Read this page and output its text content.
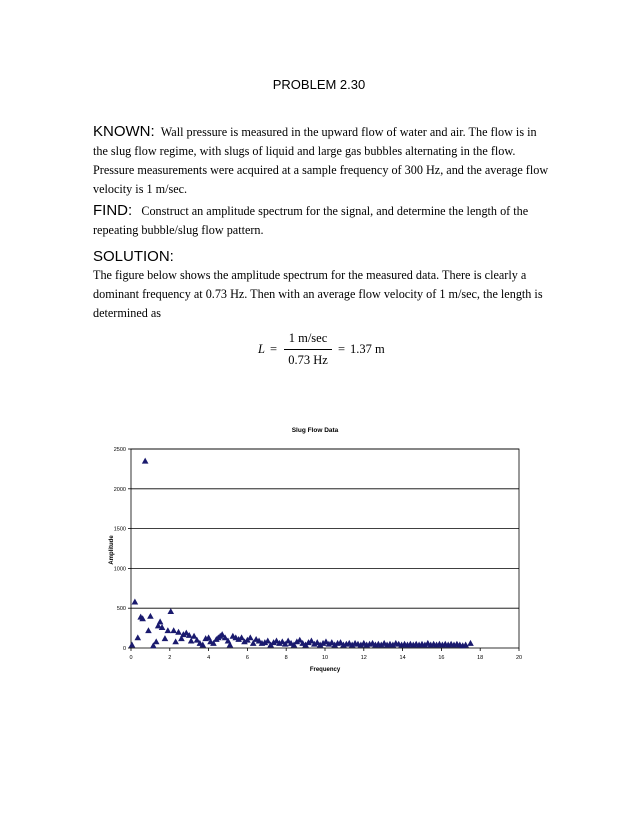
PROBLEM 2.30
KNOWN: Wall pressure is measured in the upward flow of water and air. The flow is in the slug flow regime, with slugs of liquid and large gas bubbles alternating in the flow. Pressure measurements were acquired at a sample frequency of 300 Hz, and the average flow velocity is 1 m/sec.
FIND: Construct an amplitude spectrum for the signal, and determine the length of the repeating bubble/slug flow pattern.
SOLUTION:
The figure below shows the amplitude spectrum for the measured data. There is clearly a dominant frequency at 0.73 Hz. Then with an average flow velocity of 1 m/sec, the length is determined as
L =
1 m/sec
0.73 Hz
= 1.37 m
Slug Flow Data
Frequency
Amplitude
0
500
1000
1500
2000
2500
0	2	4	6	8	10	12	14	16	18	20
